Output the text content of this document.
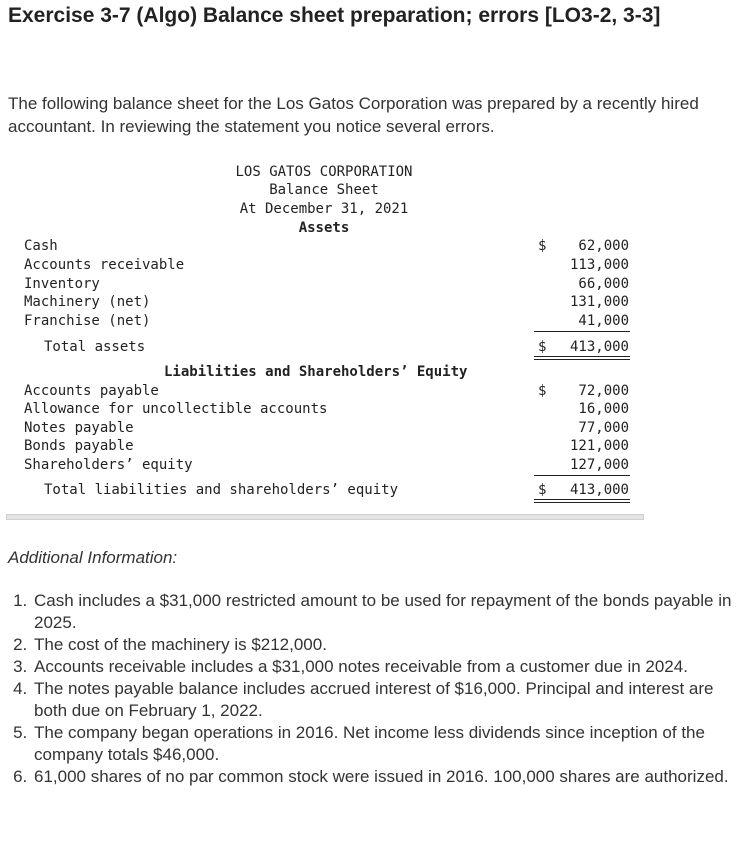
Exercise 3-7 (Algo) Balance sheet preparation; errors [LO3-2, 3-3]

The following balance sheet for the Los Gatos Corporation was prepared by a recently hired accountant. In reviewing the statement you notice several errors.

LOS GATOS CORPORATION
Balance Sheet
At December 31, 2021
Assets
Cash	$	62,000
Accounts receivable	113,000
Inventory	66,000
Machinery (net)	131,000
Franchise (net)	41,000
Total assets	$	413,000
Liabilities and Shareholders’ Equity
Accounts payable	$	72,000
Allowance for uncollectible accounts	16,000
Notes payable	77,000
Bonds payable	121,000
Shareholders’ equity	127,000
Total liabilities and shareholders’ equity	$	413,000

Additional Information:

1. Cash includes a $31,000 restricted amount to be used for repayment of the bonds payable in 2025.
2. The cost of the machinery is $212,000.
3. Accounts receivable includes a $31,000 notes receivable from a customer due in 2024.
4. The notes payable balance includes accrued interest of $16,000. Principal and interest are both due on February 1, 2022.
5. The company began operations in 2016. Net income less dividends since inception of the company totals $46,000.
6. 61,000 shares of no par common stock were issued in 2016. 100,000 shares are authorized.
